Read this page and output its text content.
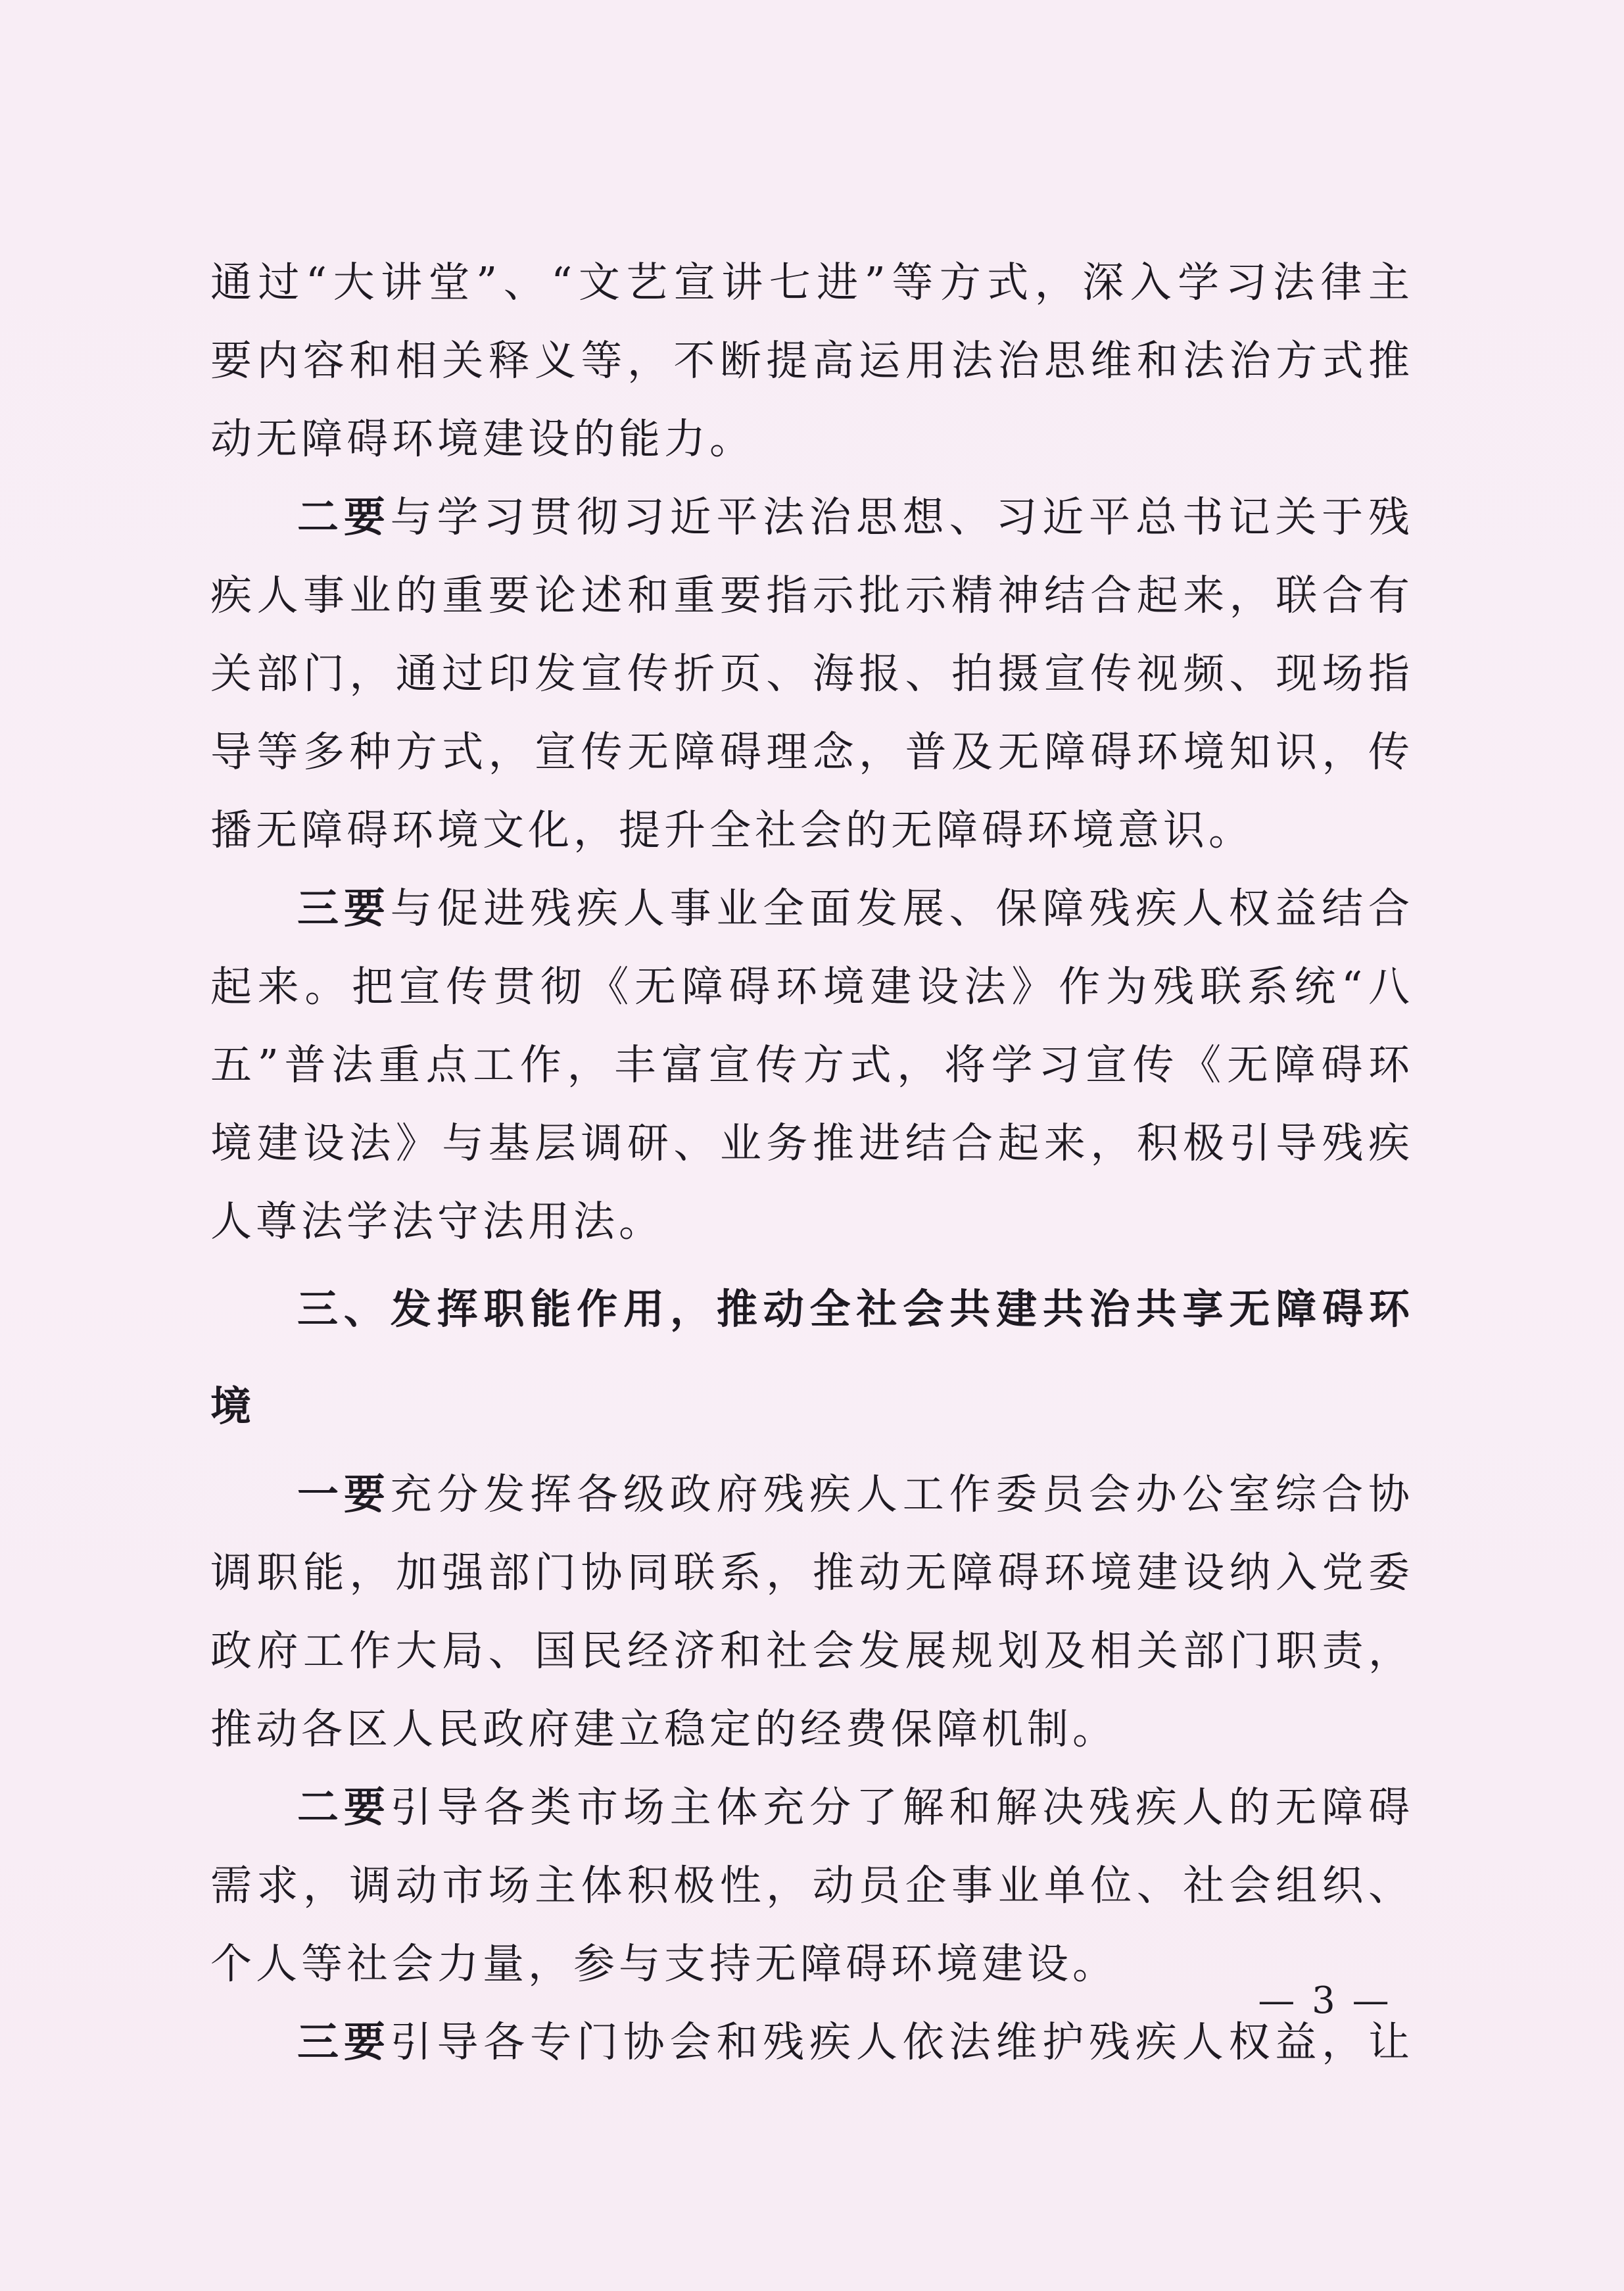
通过“大讲堂”、“文艺宣讲七进”等方式，深入学习法律主
要内容和相关释义等，不断提高运用法治思维和法治方式推
动无障碍环境建设的能力。
二要与学习贯彻习近平法治思想、习近平总书记关于残
疾人事业的重要论述和重要指示批示精神结合起来，联合有
关部门，通过印发宣传折页、海报、拍摄宣传视频、现场指
导等多种方式，宣传无障碍理念，普及无障碍环境知识，传
播无障碍环境文化，提升全社会的无障碍环境意识。
三要与促进残疾人事业全面发展、保障残疾人权益结合
起来。把宣传贯彻《无障碍环境建设法》作为残联系统“八
五”普法重点工作，丰富宣传方式，将学习宣传《无障碍环
境建设法》与基层调研、业务推进结合起来，积极引导残疾
人尊法学法守法用法。
三、发挥职能作用，推动全社会共建共治共享无障碍环
境
一要充分发挥各级政府残疾人工作委员会办公室综合协
调职能，加强部门协同联系，推动无障碍环境建设纳入党委
政府工作大局、国民经济和社会发展规划及相关部门职责，
推动各区人民政府建立稳定的经费保障机制。
二要引导各类市场主体充分了解和解决残疾人的无障碍
需求，调动市场主体积极性，动员企事业单位、社会组织、
个人等社会力量，参与支持无障碍环境建设。
三要引导各专门协会和残疾人依法维护残疾人权益，让
— 3 —
